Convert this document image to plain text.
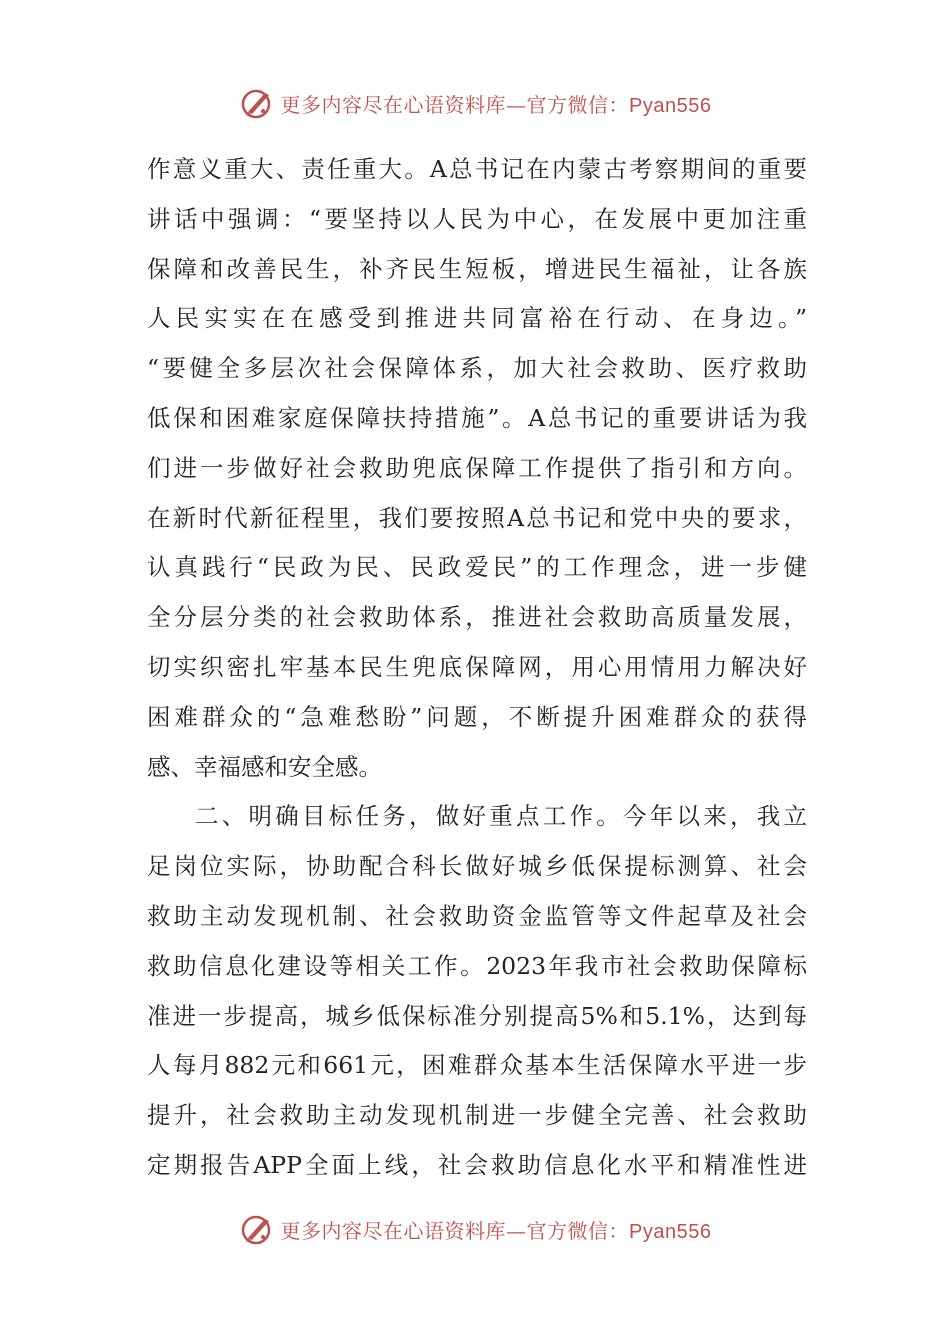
更多内容尽在心语资料库—官方微信：Pyan556
作意义重大、责任重大。A总书记在内蒙古考察期间的重要
讲话中强调：“要坚持以人民为中心，在发展中更加注重
保障和改善民生，补齐民生短板，增进民生福祉，让各族
人民实实在在感受到推进共同富裕在行动、在身边。”
“要健全多层次社会保障体系，加大社会救助、医疗救助
低保和困难家庭保障扶持措施”。A总书记的重要讲话为我
们进一步做好社会救助兜底保障工作提供了指引和方向。
在新时代新征程里，我们要按照A总书记和党中央的要求，
认真践行“民政为民、民政爱民”的工作理念，进一步健
全分层分类的社会救助体系，推进社会救助高质量发展，
切实织密扎牢基本民生兜底保障网，用心用情用力解决好
困难群众的“急难愁盼”问题，不断提升困难群众的获得
感、幸福感和安全感。
二、明确目标任务，做好重点工作。今年以来，我立
足岗位实际，协助配合科长做好城乡低保提标测算、社会
救助主动发现机制、社会救助资金监管等文件起草及社会
救助信息化建设等相关工作。2023年我市社会救助保障标
准进一步提高，城乡低保标准分别提高5%和5.1%，达到每
人每月882元和661元，困难群众基本生活保障水平进一步
提升，社会救助主动发现机制进一步健全完善、社会救助
定期报告APP全面上线，社会救助信息化水平和精准性进
更多内容尽在心语资料库—官方微信：Pyan556
